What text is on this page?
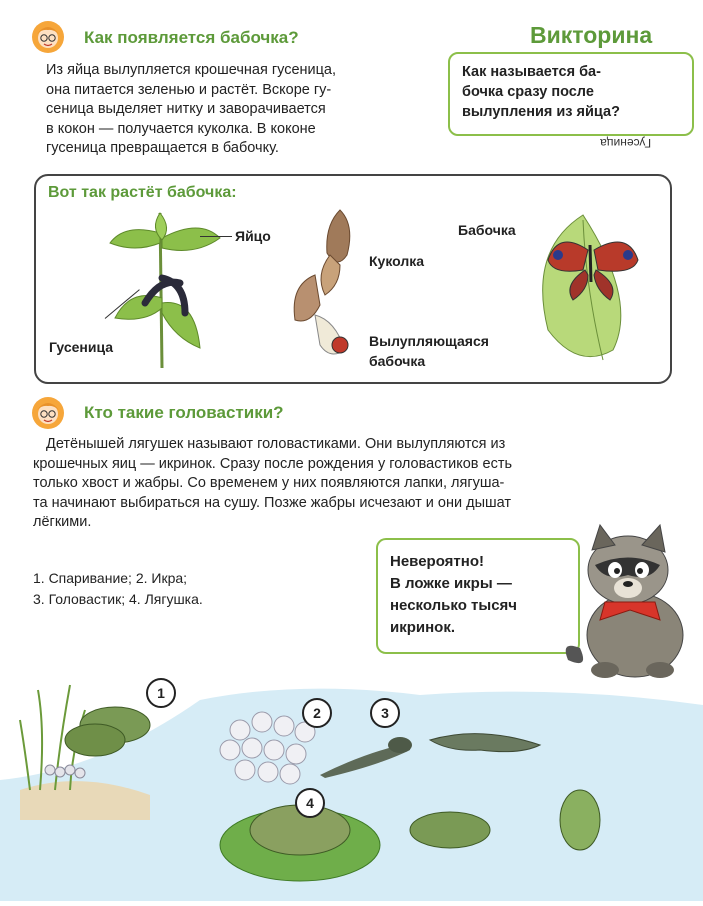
Как появляется бабочка?
Из яйца вылупляется крошечная гусеница,
она питается зеленью и растёт. Вскоре гу-
сеница выделяет нитку и заворачивается
в кокон — получается куколка. В коконе
гусеница превращается в бабочку.
Викторина
Как называется ба-
бочка сразу после
вылупления из яйца?
Гусеница
Вот так растёт бабочка:
Яйцо
Гусеница
Куколка
Вылупляющаяся
бабочка
Бабочка
Кто такие головастики?
Детёнышей лягушек называют головастиками. Они вылупляются из
крошечных яиц — икринок. Сразу после рождения у головастиков есть
только хвост и жабры. Со временем у них появляются лапки, лягуша-
та начинают выбираться на сушу. Позже жабры исчезают и они дышат
лёгкими.
1. Спаривание; 2. Икра;
3. Головастик; 4. Лягушка.
Невероятно!
В ложке икры —
несколько тысяч
икринок.
1
2	3
4
